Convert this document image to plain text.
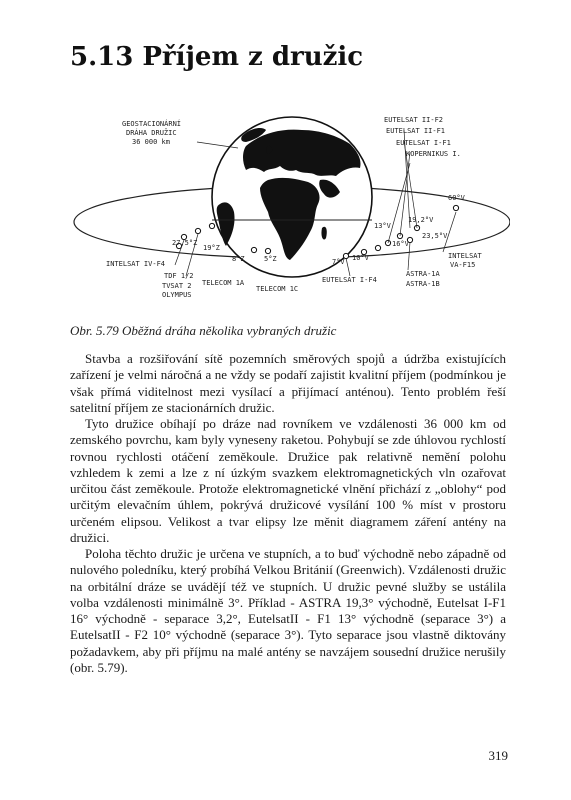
5.13 Příjem z družic
GEOSTACIONÁRNÍ
DRÁHA DRUŽIC
36 000 km
EUTELSAT II-F2
EUTELSAT II-F1
EUTELSAT I-F1
KOPERNIKUS I.
60°V
13°V
19,2°V
16°V
23,5°V
INTELSAT
VA-F15
ASTRA-1A
ASTRA-1B
10°V
7°V
EUTELSAT I-F4
5°Z
TELECOM 1C
8°Z
TELECOM 1A
19°Z
27,5°Z
INTELSAT IV-F4
TDF 1/2
TVSAT 2
OLYMPUS

Obr. 5.79 Oběžná dráha několika vybraných družic

Stavba a rozšiřování sítě pozemních směrových spojů a údržba existujících zařízení je velmi náročná a ne vždy se podaří zajistit kvalitní příjem (podmínkou je však přímá viditelnost mezi vysílací a přijímací anténou). Tento problém řeší satelitní příjem ze stacionárních družic.

Tyto družice obíhají po dráze nad rovníkem ve vzdálenosti 36 000 km od zemského povrchu, kam byly vyneseny raketou. Pohybují se zde úhlovou rychlostí rovnou rychlosti otáčení zeměkoule. Družice pak relativně nemění polohu vzhledem k zemi a lze z ní úzkým svazkem elektromagnetických vln ozařovat určitou část zeměkoule. Protože elektromagnetické vlnění přichází z „oblohy“ pod určitým elevačním úhlem, pokrývá družicové vysílání 100 % míst v prostoru určeném elipsou. Velikost a tvar elipsy lze měnit diagramem záření antény na družici.

Poloha těchto družic je určena ve stupních, a to buď východně nebo západně od nulového poledníku, který probíhá Velkou Británií (Greenwich). Vzdálenosti družic na orbitální dráze se uvádějí též ve stupních. U družic pevné služby se ustálila volba vzdálenosti minimálně 3°. Příklad - ASTRA 19,3° východně, Eutelsat I-F1 16° východně - separace 3,2°, EutelsatII - F1 13° východně (separace 3°) a EutelsatII - F2 10° východně (separace 3°). Tyto separace jsou vlastně diktovány požadavkem, aby při příjmu na malé antény se navzájem sousední družice nerušily (obr. 5.79).

319
